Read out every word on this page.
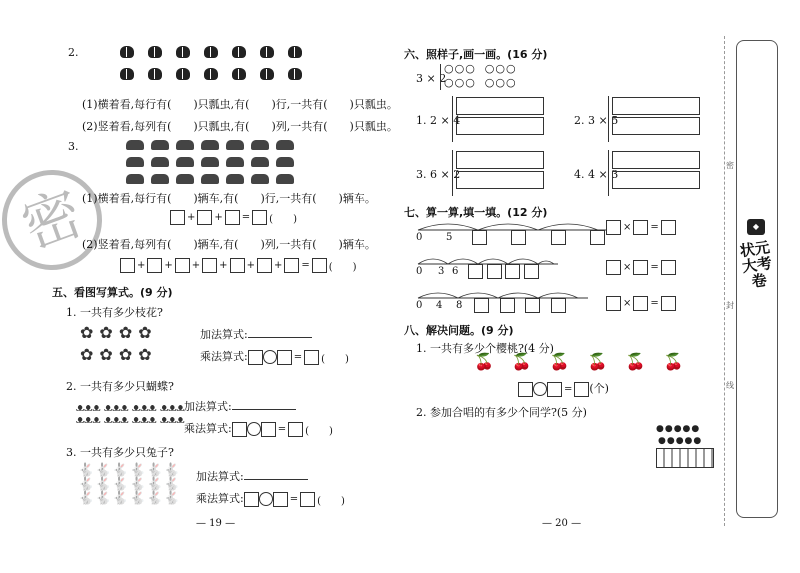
密
2.

(1)横着看,每行有(　　)只瓢虫,有(　　)行,一共有(　　)只瓢虫。
(2)竖着看,每列有(　　)只瓢虫,有(　　)列,一共有(　　)只瓢虫。
3.

(1)横着看,每行有(　　)辆车,有(　　)行,一共有(　　)辆车。
+ + = (　　)
(2)竖着看,每列有(　　)辆车,有(　　)列,一共有(　　)辆车。
+ + + + + + = (　　)
五、看图写算式。(9 分)
1. 一共有多少枝花?
✿✿✿✿
✿✿✿✿
加法算式:
乘法算式:	= (　　)
2. 一共有多少只蝴蝶?
ᴥᴥᴥ ᴥᴥᴥ ᴥᴥᴥ ᴥᴥᴥ
ᴥᴥᴥ ᴥᴥᴥ ᴥᴥᴥ ᴥᴥᴥ
加法算式:
乘法算式:	= (　　)
3. 一共有多少只兔子?
🐇🐇🐇🐇🐇🐇
🐇🐇🐇🐇🐇🐇
🐇🐇🐇🐇🐇🐇
加法算式:
乘法算式:	= (　　)
— 19 —
六、照样子,画一画。(16 分)
3 × 2
○○○  ○○○
○○○  ○○○
1. 2 × 4	2. 3 × 5

3. 6 × 2	4. 4 × 3

七、算一算,填一填。(12 分)
0 5

× =
0 3 6
	× =
0 4 8
	× =
八、解决问题。(9 分)
1. 一共有多少个樱桃?(4 分)
🍒🍒🍒🍒🍒🍒
= (个)
2. 参加合唱的有多少个同学?(5 分)
●●●●●
●●●●●
— 20 —
密
封
线
◆
状元大考卷
